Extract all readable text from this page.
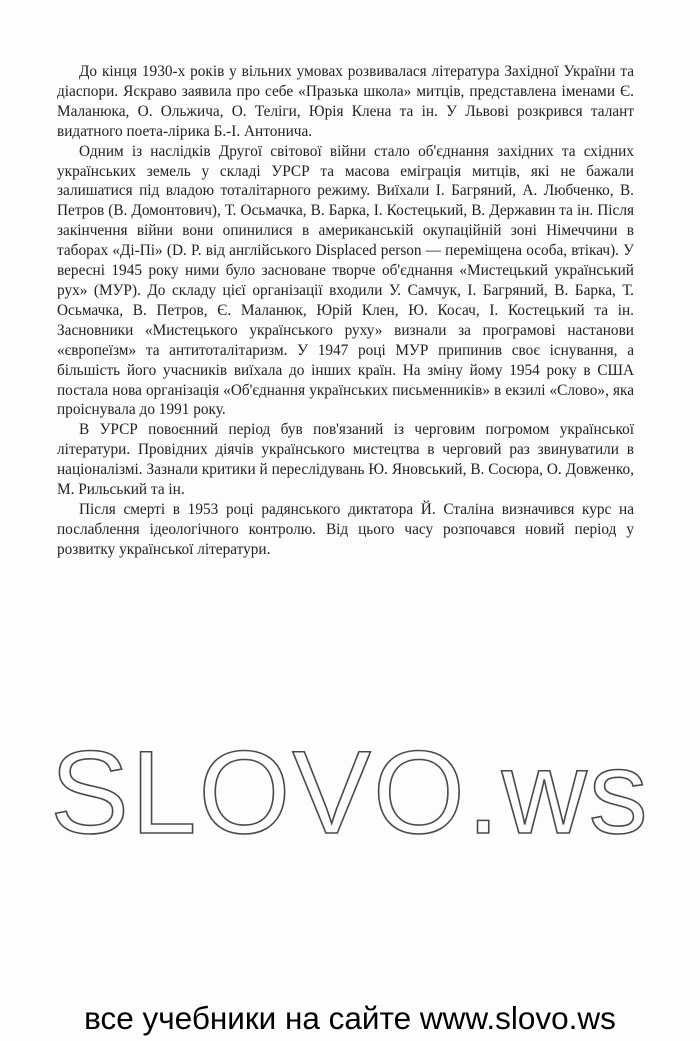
До кінця 1930-х років у вільних умовах розвивалася література Західної України та діаспори. Яскраво заявила про себе «Празька школа» митців, представлена іменами Є. Маланюка, О. Ольжича, О. Теліги, Юрія Клена та ін. У Львові розкрився талант видатного поета-лірика Б.-І. Антонича.

Одним із наслідків Другої світової війни стало об'єднання західних та східних українських земель у складі УРСР та масова еміграція митців, які не бажали залишатися під владою тоталітарного режиму. Виїхали І. Багряний, А. Любченко, В. Петров (В. Домонтович), Т. Осьмачка, В. Барка, І. Костецький, В. Державин та ін. Після закінчення війни вони опинилися в американській окупаційній зоні Німеччини в таборах «Ді-Пі» (D. P. від англійського Displaced person — переміщена особа, втікач). У вересні 1945 року ними було засноване творче об'єднання «Мистецький український рух» (МУР). До складу цієї організації входили У. Самчук, І. Багряний, В. Барка, Т. Осьмачка, В. Петров, Є. Маланюк, Юрій Клен, Ю. Косач, І. Костецький та ін. Засновники «Мистецького українського руху» визнали за програмові настанови «європеїзм» та антитоталітаризм. У 1947 році МУР припинив своє існування, а більшість його учасників виїхала до інших країн. На зміну йому 1954 року в США постала нова організація «Об'єднання українських письменників» в екзилі «Слово», яка проіснувала до 1991 року.

В УРСР повоєнний період був пов'язаний із черговим погромом української літератури. Провідних діячів українського мистецтва в черговий раз звинуватили в націоналізмі. Зазнали критики й переслідувань Ю. Яновський, В. Сосюра, О. Довженко, М. Рильський та ін.

Після смерті в 1953 році радянського диктатора Й. Сталіна визначився курс на послаблення ідеологічного контролю. Від цього часу розпочався новий період у розвитку української літератури.

SLOVO.ws
все учебники на сайте www.slovo.ws
